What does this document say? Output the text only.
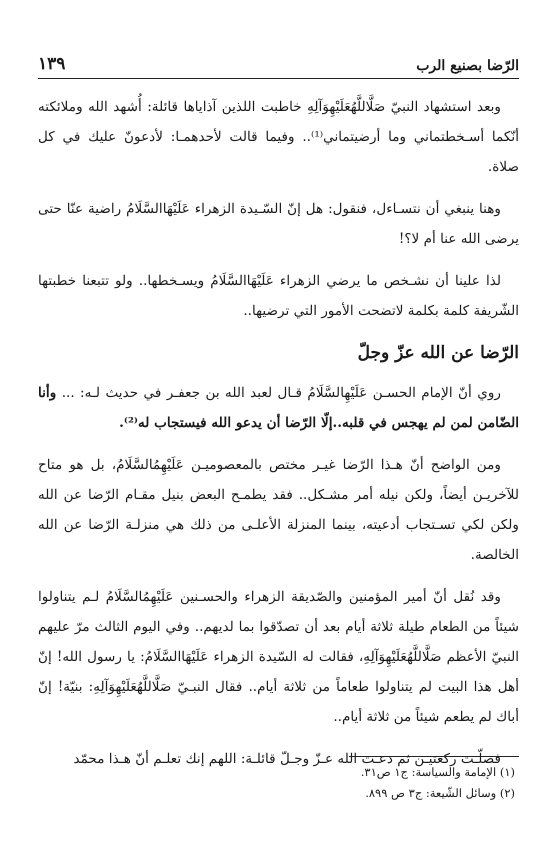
الرّضا بصنيع الرب
١٣٩

وبعد استشهاد النبيّ صَلَّاللَّهُعَلَيْهِوَآلِهِ خاطبت اللذين آذاياها قائلة: أُشهد الله وملائكته أنّكما أسـخطتماني وما أرضيتماني⁽¹⁾.. وفيما قالت لأحدهمـا: لأدعونّ عليك في كل صلاة.

وهنا ينبغي أن نتسـاءل، فنقول: هل إنّ السّـيدة الزهراء عَلَيْهَاالسَّلَامُ راضية عنّا حتى يرضى الله عنا أم لا؟!

لذا علينا أن نشـخص ما يرضي الزهراء عَلَيْهَاالسَّلَامُ ويسـخطها.. ولو تتبعنا خطبتها الشّريفة كلمة بكلمة لاتضحت الأمور التي ترضيها..

الرّضا عن الله عزّ وجلّ

روي أنّ الإمام الحسـن عَلَيْهِالسَّلَامُ قـال لعبد الله بن جعفـر في حديث لـه: ... وأنا الضّامن لمن لم يهجس في قلبه..إلّا الرّضا أن يدعو الله فيستجاب له⁽²⁾.

ومن الواضح أنّ هـذا الرّضا غيـر مختص بالمعصوميـن عَلَيْهِمُالسَّلَامُ، بل هو متاح للآخريـن أيضاً، ولكن نيله أمر مشـكل.. فقد يطمـح البعض بنيل مقـام الرّضا عن الله ولكن لكي تسـتجاب أدعيته، بينما المنزلة الأعلـى من ذلك هي منزلـة الرّضا عن الله الخالصة.

وقد نُقل أنّ أمير المؤمنين والصّديقة الزهراء والحسـنين عَلَيْهِمُالسَّلَامُ لـم يتناولوا شيئاً من الطعام طيلة ثلاثة أيام بعد أن تصدّقوا بما لديهم.. وفي اليوم الثالث مرّ عليهم النبيّ الأعظم صَلَّاللَّهُعَلَيْهِوَآلِهِ، فقالت له السّيدة الزهراء عَلَيْهَاالسَّلَامُ: يا رسول الله! إنّ أهل هذا البيت لم يتناولوا طعاماً من ثلاثة أيام.. فقال النبـيّ صَلَّاللَّهُعَلَيْهِوَآلِهِ: بنيّة! إنّ أباك لم يطعم شيئاً من ثلاثة أيام..

فصلّـت ركعتيـن ثم دعـت الله عـزّ وجـلّ قائلـة: اللهم إنك تعلـم أنّ هـذا محمّد

(١) الإمامة والسياسة: ج١ ص٣١.
(٢) وسائل الشّيعة: ج٣ ص ٨٩٩.
